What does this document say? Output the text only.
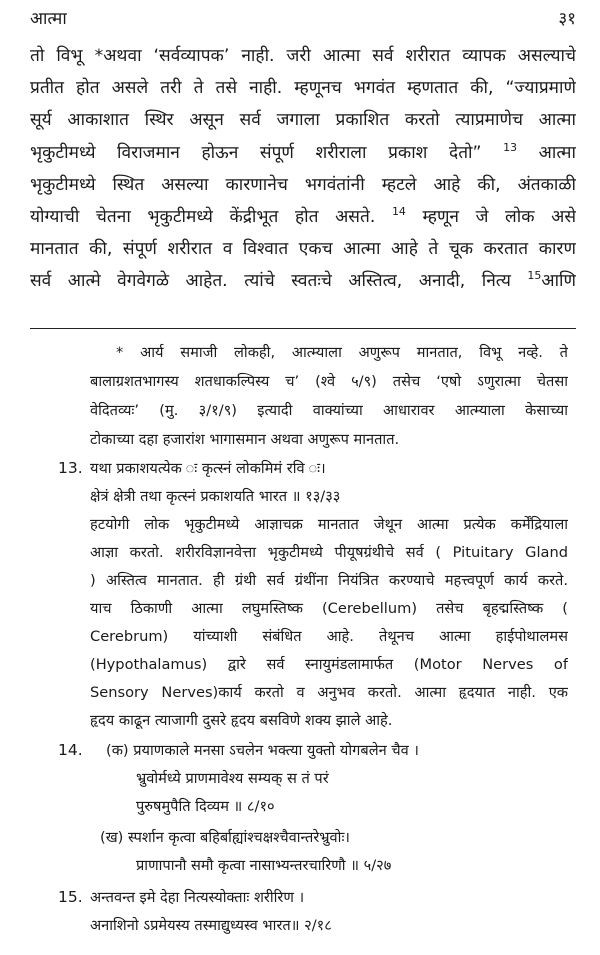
आत्मा	३१
तो विभू *अथवा ‘सर्वव्यापक’ नाही. जरी आत्मा सर्व शरीरात व्यापक असल्याचे
प्रतीत होत असले तरी ते तसे नाही. म्हणूनच भगवंत म्हणतात की, “ज्याप्रमाणे
सूर्य आकाशात स्थिर असून सर्व जगाला प्रकाशित करतो त्याप्रमाणेच आत्मा
भृकुटीमध्ये विराजमान होऊन संपूर्ण शरीराला प्रकाश देतो” $^{13}$ आत्मा
भृकुटीमध्ये स्थित असल्या कारणानेच भगवंतांनी म्हटले आहे की, अंतकाळी
योग्याची चेतना भृकुटीमध्ये केंद्रीभूत होत असते. $^{14}$ म्हणून जे लोक असे
मानतात की, संपूर्ण शरीरात व विश्वात एकच आत्मा आहे ते चूक करतात कारण
सर्व आत्मे वेगवेगळे आहेत. त्यांचे स्वतःचे अस्तित्व, अनादी, नित्य $^{15}$आणि
* आर्य समाजी लोकही, आत्म्याला अणुरूप मानतात, विभू नव्हे. ते
बालाग्रशतभागस्य शतधाकल्पिस्य च’ (श्वे ५/९) तसेच ‘एषो ऽणुरात्मा चेतसा
वेदितव्यः’ (मु. ३/१/९) इत्यादी वाक्यांच्या आधारावर आत्म्याला केसाच्या
टोकाच्या दहा हजारांश भागासमान अथवा अणुरूप मानतात.
13. यथा प्रकाशयत्येक ः कृत्स्नं लोकमिमं रवि ः।
क्षेत्रं क्षेत्री तथा कृत्स्नं प्रकाशयति भारत ॥ १३/३३
हटयोगी लोक भृकुटीमध्ये आज्ञाचक्र मानतात जेथून आत्मा प्रत्येक कर्मेंद्रियाला
आज्ञा करतो. शरीरविज्ञानवेत्ता भृकुटीमध्ये पीयूषग्रंथीचे सर्व ( Pituitary Gland
) अस्तित्व मानतात. ही ग्रंथी सर्व ग्रंथींना नियंत्रित करण्याचे महत्त्वपूर्ण कार्य करते.
याच ठिकाणी आत्मा लघुमस्तिष्क (Cerebellum) तसेच बृहद्मस्तिष्क (
Cerebrum) यांच्याशी संबंधित आहे. तेथूनच आत्मा हाईपोथालमस
(Hypothalamus) द्वारे सर्व स्नायुमंडलामार्फत (Motor Nerves of
Sensory Nerves)कार्य करतो व अनुभव करतो. आत्मा हृदयात नाही. एक
हृदय काढून त्याजागी दुसरे हृदय बसविणे शक्य झाले आहे.
14. (क) प्रयाणकाले मनसा ऽचलेन भक्त्या युक्तो योगबलेन चैव ।
भ्रुवोर्मध्ये प्राणमावेश्य सम्यक् स तं परं
पुरुषमुपैति दिव्यम ॥ ८/१०
(ख) स्पर्शान कृत्वा बहिर्बाह्यांश्चक्षश्चैवान्तरेभ्रुवोः।
प्राणापानौ समौ कृत्वा नासाभ्यन्तरचारिणौ ॥ ५/२७
15. अन्तवन्त इमे देहा नित्यस्योक्ताः शरीरिण ।
अनाशिनो ऽप्रमेयस्य तस्माद्युध्यस्व भारत॥ २/१८
